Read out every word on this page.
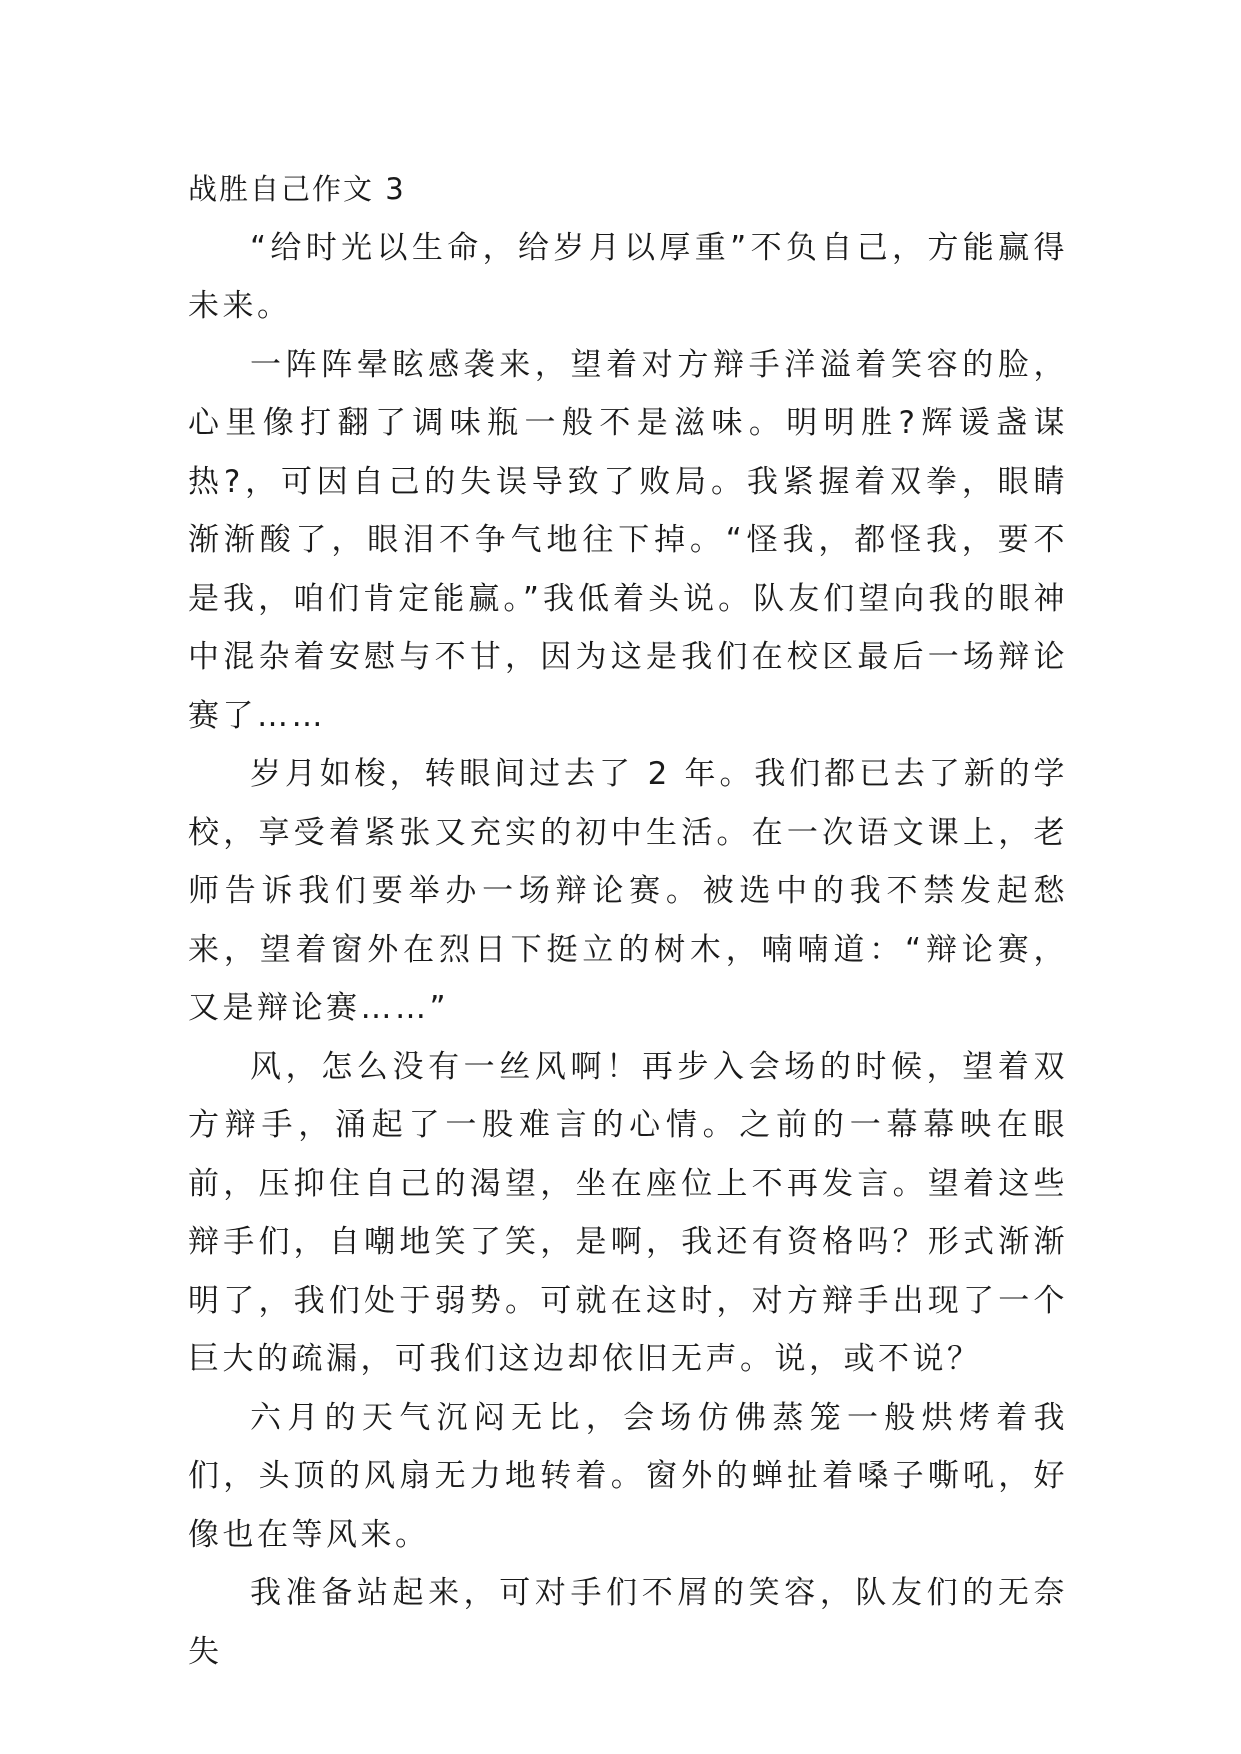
战胜自己作文 3

“给时光以生命，给岁月以厚重”不负自己，方能赢得未来。

一阵阵晕眩感袭来，望着对方辩手洋溢着笑容的脸，心里像打翻了调味瓶一般不是滋味。明明胜?辉谖盏谋热?，可因自己的失误导致了败局。我紧握着双拳，眼睛渐渐酸了，眼泪不争气地往下掉。“怪我，都怪我，要不是我，咱们肯定能赢。”我低着头说。队友们望向我的眼神中混杂着安慰与不甘，因为这是我们在校区最后一场辩论赛了……

岁月如梭，转眼间过去了 2 年。我们都已去了新的学校，享受着紧张又充实的初中生活。在一次语文课上，老师告诉我们要举办一场辩论赛。被选中的我不禁发起愁来，望着窗外在烈日下挺立的树木，喃喃道：“辩论赛，又是辩论赛……”

风，怎么没有一丝风啊！再步入会场的时候，望着双方辩手，涌起了一股难言的心情。之前的一幕幕映在眼前，压抑住自己的渴望，坐在座位上不再发言。望着这些辩手们，自嘲地笑了笑，是啊，我还有资格吗？形式渐渐明了，我们处于弱势。可就在这时，对方辩手出现了一个巨大的疏漏，可我们这边却依旧无声。说，或不说？

六月的天气沉闷无比，会场仿佛蒸笼一般烘烤着我们，头顶的风扇无力地转着。窗外的蝉扯着嗓子嘶吼，好像也在等风来。

我准备站起来，可对手们不屑的笑容，队友们的无奈失
